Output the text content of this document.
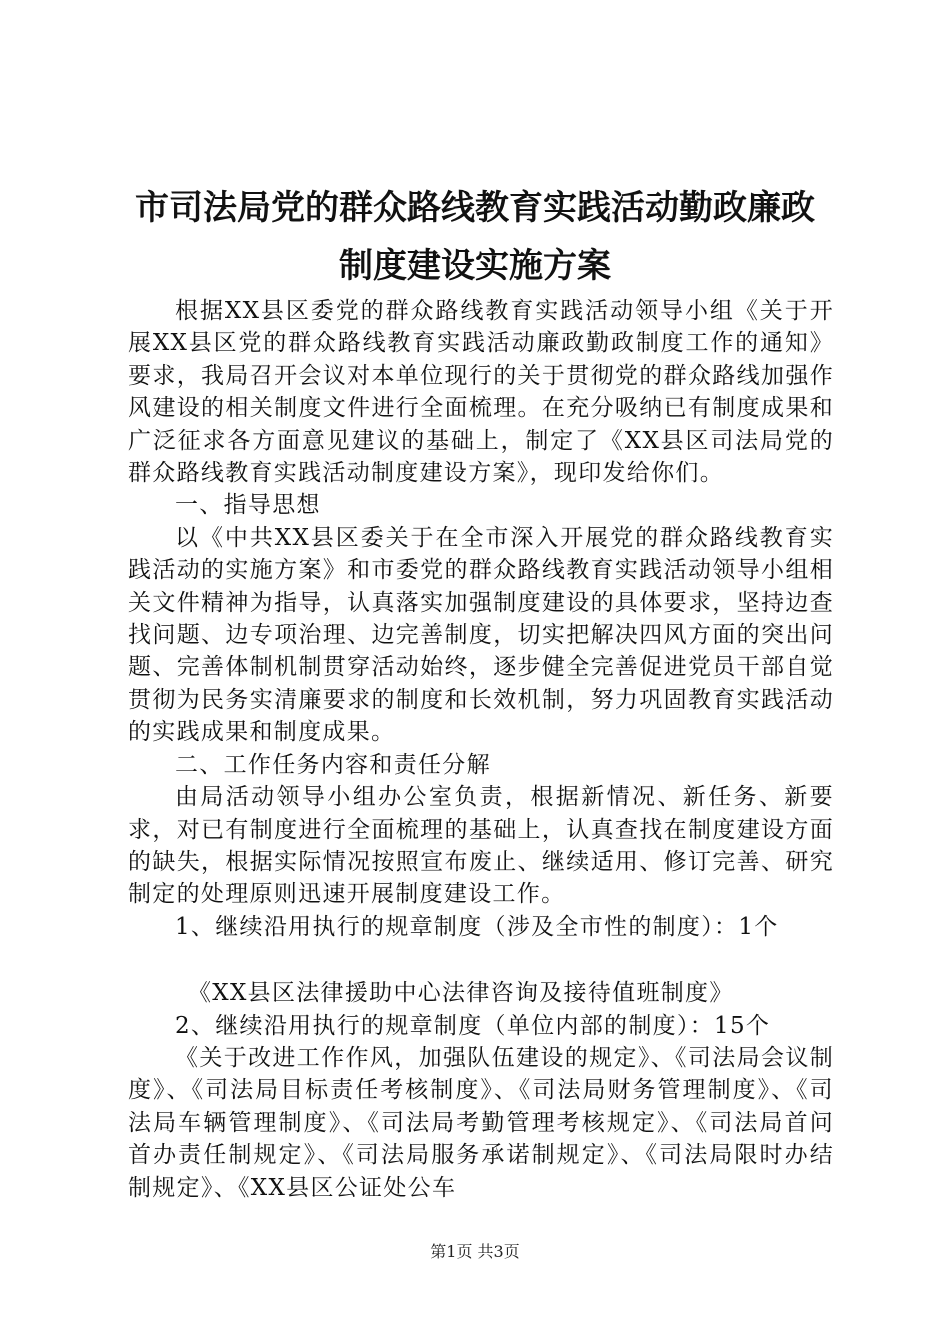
市司法局党的群众路线教育实践活动勤政廉政
制度建设实施方案

根据XX县区委党的群众路线教育实践活动领导小组《关于开展XX县区党的群众路线教育实践活动廉政勤政制度工作的通知》要求，我局召开会议对本单位现行的关于贯彻党的群众路线加强作风建设的相关制度文件进行全面梳理。在充分吸纳已有制度成果和广泛征求各方面意见建议的基础上，制定了《XX县区司法局党的群众路线教育实践活动制度建设方案》，现印发给你们。

一、指导思想

以《中共XX县区委关于在全市深入开展党的群众路线教育实践活动的实施方案》和市委党的群众路线教育实践活动领导小组相关文件精神为指导，认真落实加强制度建设的具体要求，坚持边查找问题、边专项治理、边完善制度，切实把解决四风方面的突出问题、完善体制机制贯穿活动始终，逐步健全完善促进党员干部自觉贯彻为民务实清廉要求的制度和长效机制，努力巩固教育实践活动的实践成果和制度成果。

二、工作任务内容和责任分解

由局活动领导小组办公室负责，根据新情况、新任务、新要求，对已有制度进行全面梳理的基础上，认真查找在制度建设方面的缺失，根据实际情况按照宣布废止、继续适用、修订完善、研究制定的处理原则迅速开展制度建设工作。

1、继续沿用执行的规章制度（涉及全市性的制度）：1个

《XX县区法律援助中心法律咨询及接待值班制度》

2、继续沿用执行的规章制度（单位内部的制度）：15个

《关于改进工作作风，加强队伍建设的规定》、《司法局会议制度》、《司法局目标责任考核制度》、《司法局财务管理制度》、《司法局车辆管理制度》、《司法局考勤管理考核规定》、《司法局首问首办责任制规定》、《司法局服务承诺制规定》、《司法局限时办结制规定》、《XX县区公证处公车

第1页 共3页
